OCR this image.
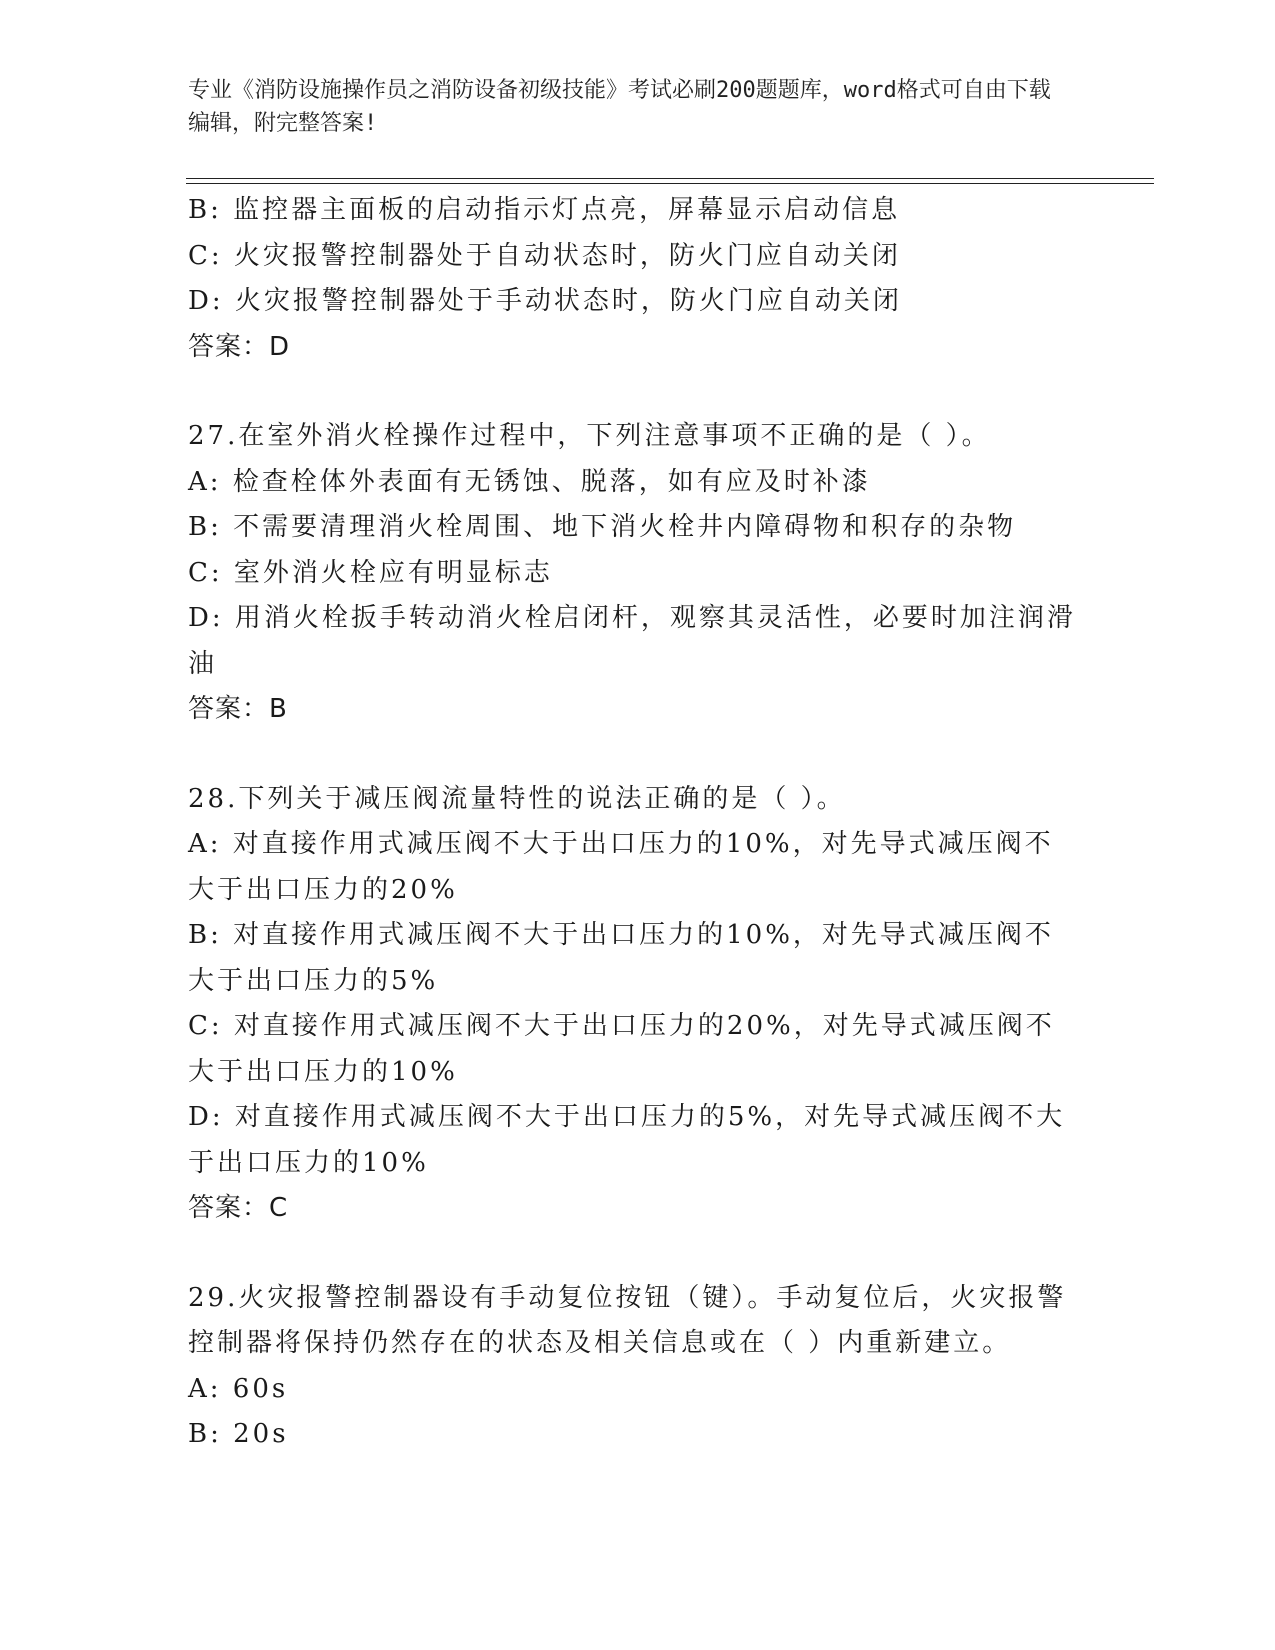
专业《消防设施操作员之消防设备初级技能》考试必刷200题题库，word格式可自由下载编辑，附完整答案!
B: 监控器主面板的启动指示灯点亮，屏幕显示启动信息
C: 火灾报警控制器处于自动状态时，防火门应自动关闭
D: 火灾报警控制器处于手动状态时，防火门应自动关闭
答案：D
27.在室外消火栓操作过程中，下列注意事项不正确的是（ ）。
A: 检查栓体外表面有无锈蚀、脱落，如有应及时补漆
B: 不需要清理消火栓周围、地下消火栓井内障碍物和积存的杂物
C: 室外消火栓应有明显标志
D: 用消火栓扳手转动消火栓启闭杆，观察其灵活性，必要时加注润滑油
答案：B
28.下列关于减压阀流量特性的说法正确的是（ ）。
A: 对直接作用式减压阀不大于出口压力的10%，对先导式减压阀不大于出口压力的20%
B: 对直接作用式减压阀不大于出口压力的10%，对先导式减压阀不大于出口压力的5%
C: 对直接作用式减压阀不大于出口压力的20%，对先导式减压阀不大于出口压力的10%
D: 对直接作用式减压阀不大于出口压力的5%，对先导式减压阀不大于出口压力的10%
答案：C
29.火灾报警控制器设有手动复位按钮（键）。手动复位后，火灾报警控制器将保持仍然存在的状态及相关信息或在（ ）内重新建立。
A: 60s
B: 20s
